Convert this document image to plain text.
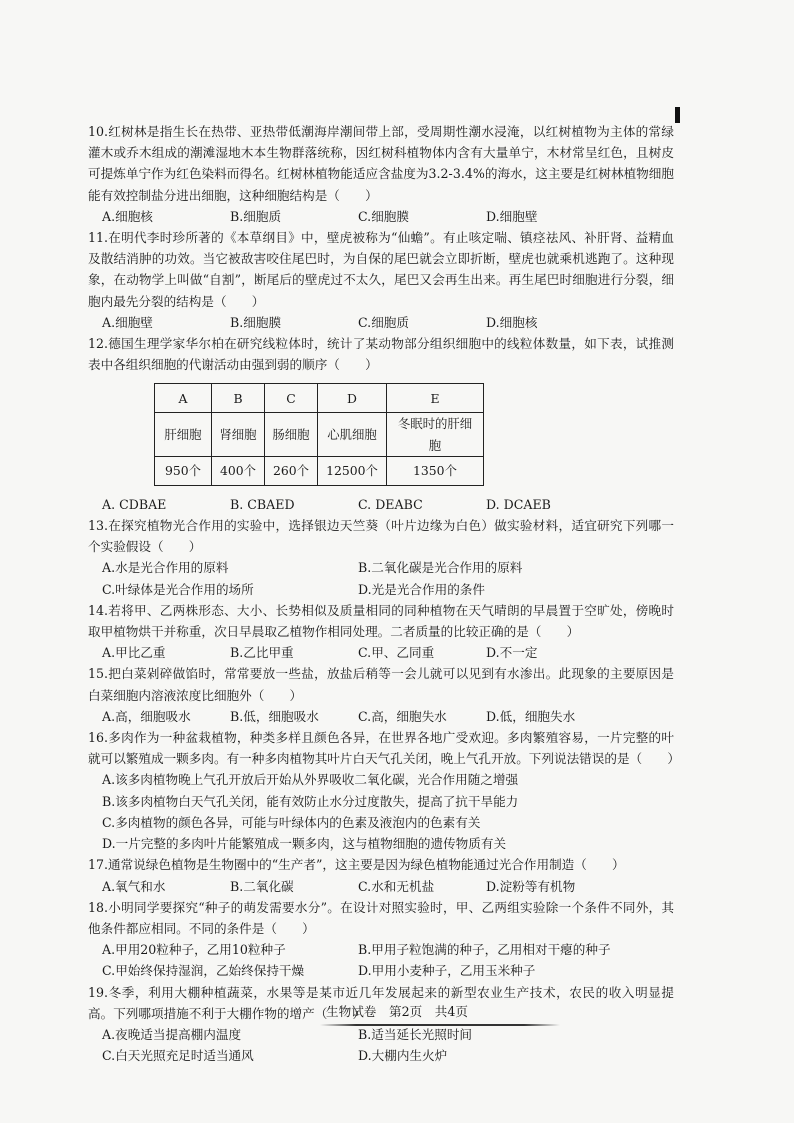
10.红树林是指生长在热带、亚热带低潮海岸潮间带上部，受周期性潮水浸淹，以红树植物为主体的常绿灌木或乔木组成的潮滩湿地木本生物群落统称，因红树科植物体内含有大量单宁，木材常呈红色，且树皮可提炼单宁作为红色染料而得名。红树林植物能适应含盐度为3.2-3.4%的海水，这主要是红树林植物细胞能有效控制盐分进出细胞，这种细胞结构是（　　）

A.细胞核	B.细胞质	C.细胞膜	D.细胞壁

11.在明代李时珍所著的《本草纲目》中，壁虎被称为“仙蟾”。有止咳定喘、镇痉祛风、补肝肾、益精血及散结消肿的功效。当它被敌害咬住尾巴时，为自保的尾巴就会立即折断，壁虎也就乘机逃跑了。这种现象，在动物学上叫做“自割”，断尾后的壁虎过不太久，尾巴又会再生出来。再生尾巴时细胞进行分裂，细胞内最先分裂的结构是（　　）

A.细胞壁	B.细胞膜	C.细胞质	D.细胞核

12.德国生理学家华尔柏在研究线粒体时，统计了某动物部分组织细胞中的线粒体数量，如下表，试推测表中各组织细胞的代谢活动由强到弱的顺序（　　）

A	B	C	D	E
肝细胞	肾细胞	肠细胞	心肌细胞	冬眠时的肝细胞
950个	400个	260个	12500个	1350个
A. CDBAE	B. CBAED	C. DEABC	D. DCAEB

13.在探究植物光合作用的实验中，选择银边天竺葵（叶片边缘为白色）做实验材料，适宜研究下列哪一个实验假设（　　）

A.水是光合作用的原料	B.二氧化碳是光合作用的原料
C.叶绿体是光合作用的场所	D.光是光合作用的条件

14.若将甲、乙两株形态、大小、长势相似及质量相同的同种植物在天气晴朗的早晨置于空旷处，傍晚时取甲植物烘干并称重，次日早晨取乙植物作相同处理。二者质量的比较正确的是（　　）

A.甲比乙重	B.乙比甲重	C.甲、乙同重	D.不一定

15.把白菜剁碎做馅时，常常要放一些盐，放盐后稍等一会儿就可以见到有水渗出。此现象的主要原因是白菜细胞内溶液浓度比细胞外（　　）

A.高，细胞吸水	B.低，细胞吸水	C.高，细胞失水	D.低，细胞失水

16.多肉作为一种盆栽植物，种类多样且颜色各异，在世界各地广受欢迎。多肉繁殖容易，一片完整的叶就可以繁殖成一颗多肉。有一种多肉植物其叶片白天气孔关闭，晚上气孔开放。下列说法错误的是（　　）

A.该多肉植物晚上气孔开放后开始从外界吸收二氧化碳，光合作用随之增强
B.该多肉植物白天气孔关闭，能有效防止水分过度散失，提高了抗干旱能力
C.多肉植物的颜色各异，可能与叶绿体内的色素及液泡内的色素有关
D.一片完整的多肉叶片能繁殖成一颗多肉，这与植物细胞的遗传物质有关

17.通常说绿色植物是生物圈中的“生产者”，这主要是因为绿色植物能通过光合作用制造（　　）

A.氧气和水	B.二氧化碳	C.水和无机盐	D.淀粉等有机物

18.小明同学要探究“种子的萌发需要水分”。在设计对照实验时，甲、乙两组实验除一个条件不同外，其他条件都应相同。不同的条件是（　　）

A.甲用20粒种子，乙用10粒种子	B.甲用子粒饱满的种子，乙用相对干瘪的种子
C.甲始终保持湿润，乙始终保持干燥	D.甲用小麦种子，乙用玉米种子

19.冬季，利用大棚种植蔬菜，水果等是某市近几年发展起来的新型农业生产技术，农民的收入明显提高。下列哪项措施不利于大棚作物的增产（　　）

A.夜晚适当提高棚内温度	B.适当延长光照时间
C.白天光照充足时适当通风	D.大棚内生火炉
生物试卷　第2页　共4页
